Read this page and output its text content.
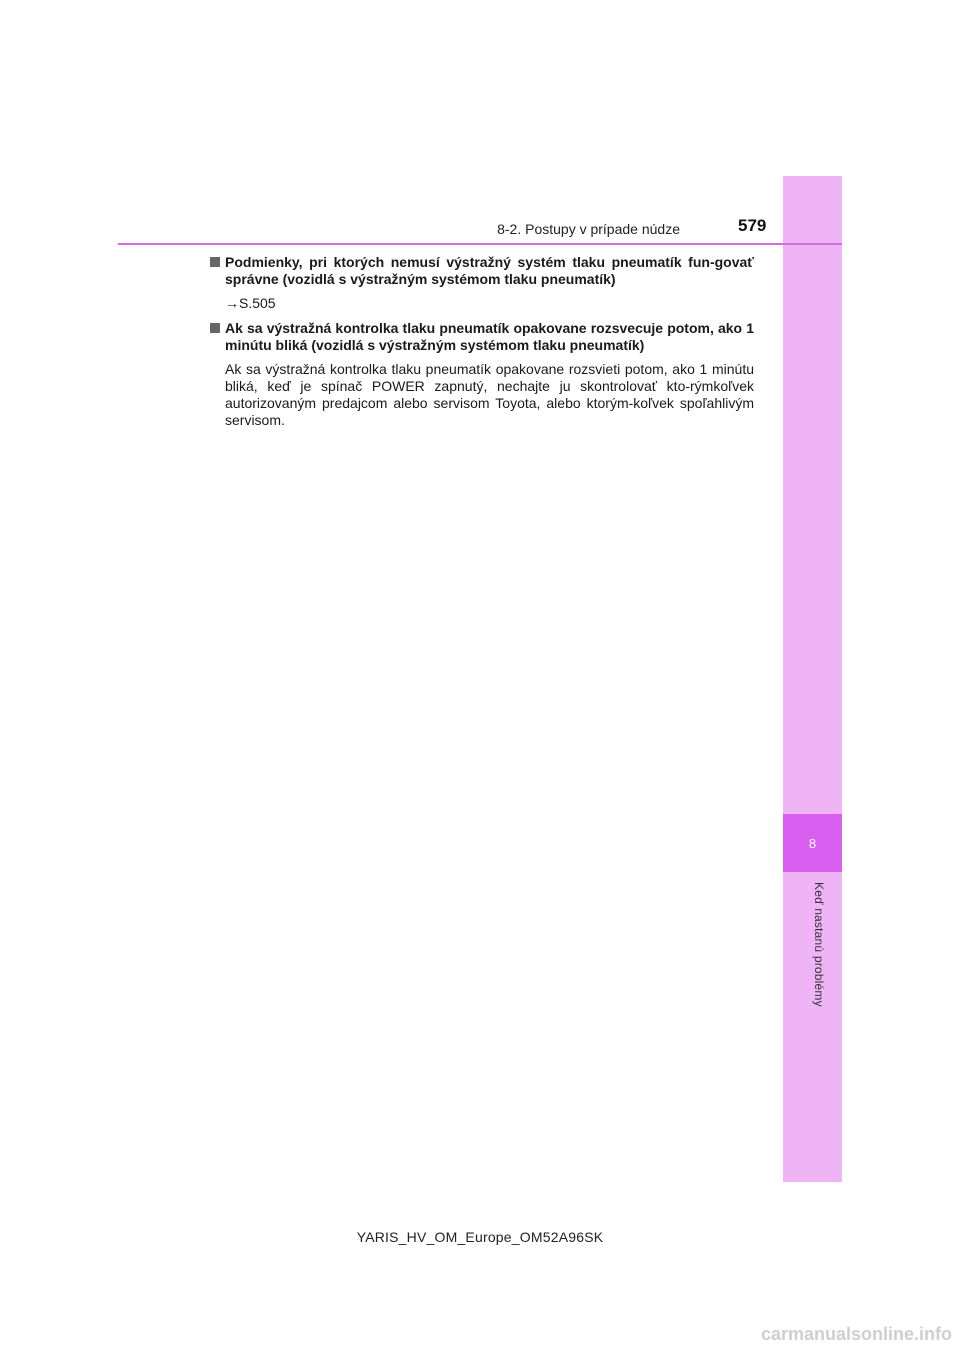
8
Keď nastanú problémy
8-2. Postupy v prípade núdze	579

Podmienky, pri ktorých nemusí výstražný systém tlaku pneumatík fun-govať správne (vozidlá s výstražným systémom tlaku pneumatík)

→S.505

Ak sa výstražná kontrolka tlaku pneumatík opakovane rozsvecuje potom, ako 1 minútu bliká (vozidlá s výstražným systémom tlaku pneumatík)

Ak sa výstražná kontrolka tlaku pneumatík opakovane rozsvieti potom, ako 1 minútu bliká, keď je spínač POWER zapnutý, nechajte ju skontrolovať kto-rýmkoľvek autorizovaným predajcom alebo servisom Toyota, alebo ktorým-koľvek spoľahlivým servisom.

YARIS_HV_OM_Europe_OM52A96SK
carmanualsonline.info
